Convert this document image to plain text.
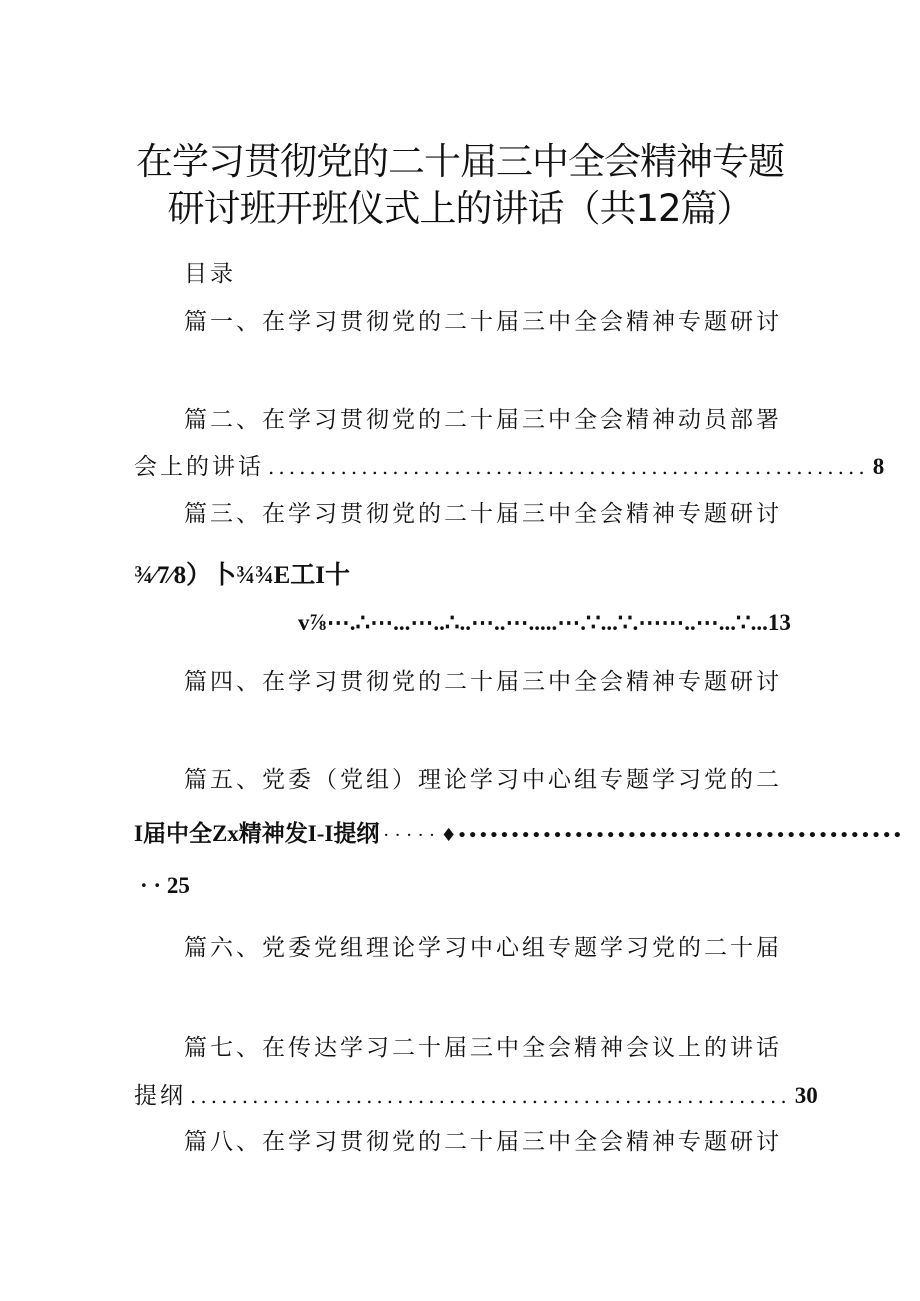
在学习贯彻党的二十届三中全会精神专题
研讨班开班仪式上的讲话（共12篇）
目录
篇一、在学习贯彻党的二十届三中全会精神专题研讨
篇二、在学习贯彻党的二十届三中全会精神动员部署
会上的讲话 .......................................................... 8
篇三、在学习贯彻党的二十届三中全会精神专题研讨
¾⁄7⁄8）卜¾¾E工I十
v⅞⋯.∴⋯...⋯..∴..⋯..⋯.....⋯.∵...∵.⋯⋯..⋯...∵...13
篇四、在学习贯彻党的二十届三中全会精神专题研讨
篇五、党委（党组）理论学习中心组专题学习党的二
I届中全Zx精神发I-I提纲 · · · · · ♦••••••••••••••••••••••••••••••••••••••••••
· · 25
篇六、党委党组理论学习中心组专题学习党的二十届
篇七、在传达学习二十届三中全会精神会议上的讲话
提纲 .......................................................... 30
篇八、在学习贯彻党的二十届三中全会精神专题研讨
